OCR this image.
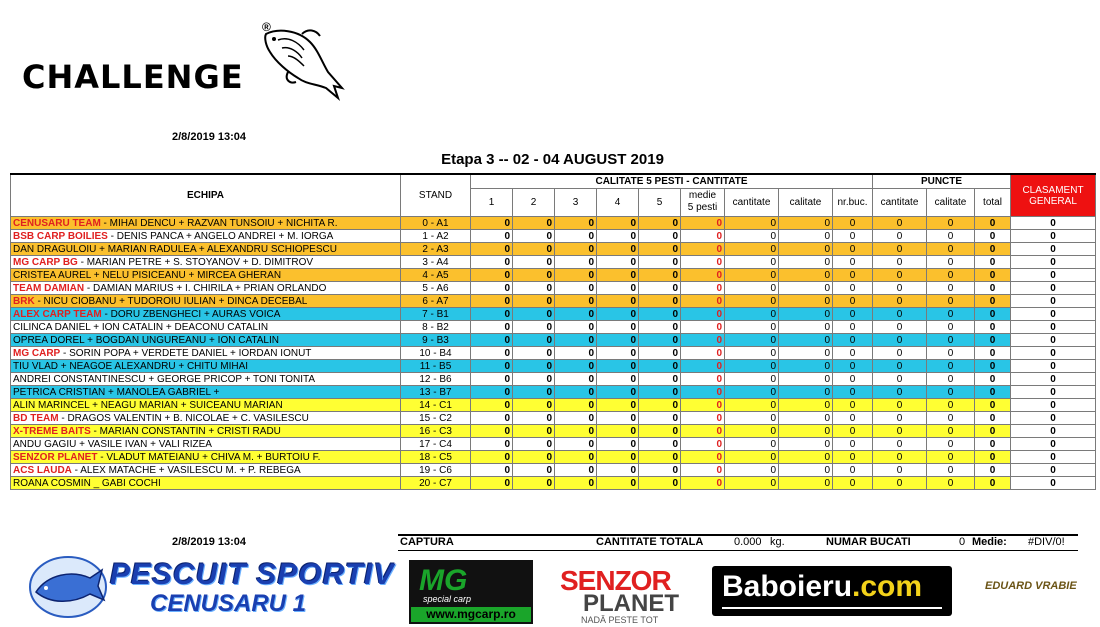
®
CHALLENGE
2/8/2019 13:04
Etapa 3 -- 02 - 04 AUGUST 2019
ECHIPA	STAND	CALITATE 5 PESTI - CANTITATE									PUNCTE			CLASAMENT
GENERAL
		1	2	3	4	5	medie
5 pesti	cantitate	calitate	nr.buc.	cantitate	calitate	total	
CENUSARU TEAM - MIHAI DENCU + RAZVAN TUNSOIU + NICHITA R.	0 - A1	0	0	0	0	0	0	0	0	0	0	0	0	0
BSB CARP BOILIES - DENIS PANCA + ANGELO ANDREI + M. IORGA	1 - A2	0	0	0	0	0	0	0	0	0	0	0	0	0
DAN DRAGULOIU + MARIAN RADULEA + ALEXANDRU SCHIOPESCU	2 - A3	0	0	0	0	0	0	0	0	0	0	0	0	0
MG CARP BG - MARIAN PETRE + S. STOYANOV + D. DIMITROV	3 - A4	0	0	0	0	0	0	0	0	0	0	0	0	0
CRISTEA AUREL + NELU PISICEANU + MIRCEA GHERAN	4 - A5	0	0	0	0	0	0	0	0	0	0	0	0	0
TEAM DAMIAN - DAMIAN MARIUS + I. CHIRILA + PRIAN ORLANDO	5 - A6	0	0	0	0	0	0	0	0	0	0	0	0	0
BRK - NICU CIOBANU + TUDOROIU IULIAN + DINCA DECEBAL	6 - A7	0	0	0	0	0	0	0	0	0	0	0	0	0
ALEX CARP TEAM - DORU ZBENGHECI + AURAS VOICA	7 - B1	0	0	0	0	0	0	0	0	0	0	0	0	0
CILINCA DANIEL + ION CATALIN + DEACONU CATALIN	8 - B2	0	0	0	0	0	0	0	0	0	0	0	0	0
OPREA DOREL + BOGDAN UNGUREANU + ION CATALIN	9 - B3	0	0	0	0	0	0	0	0	0	0	0	0	0
MG CARP - SORIN POPA + VERDETE DANIEL + IORDAN IONUT	10 - B4	0	0	0	0	0	0	0	0	0	0	0	0	0
TIU VLAD + NEAGOE ALEXANDRU + CHITU MIHAI	11 - B5	0	0	0	0	0	0	0	0	0	0	0	0	0
ANDREI CONSTANTINESCU + GEORGE PRICOP + TONI TONITA	12 - B6	0	0	0	0	0	0	0	0	0	0	0	0	0
PETRICA CRISTIAN + MANOLEA GABRIEL +	13 - B7	0	0	0	0	0	0	0	0	0	0	0	0	0
ALIN MARINCEL + NEAGU MARIAN + SUICEANU MARIAN	14 - C1	0	0	0	0	0	0	0	0	0	0	0	0	0
BD TEAM - DRAGOS VALENTIN + B. NICOLAE + C. VASILESCU	15 - C2	0	0	0	0	0	0	0	0	0	0	0	0	0
X-TREME BAITS - MARIAN CONSTANTIN + CRISTI RADU	16 - C3	0	0	0	0	0	0	0	0	0	0	0	0	0
ANDU GAGIU + VASILE IVAN + VALI RIZEA	17 - C4	0	0	0	0	0	0	0	0	0	0	0	0	0
SENZOR PLANET - VLADUT MATEIANU + CHIVA M. + BURTOIU F.	18 - C5	0	0	0	0	0	0	0	0	0	0	0	0	0
ACS LAUDA - ALEX MATACHE + VASILESCU M. + P. REBEGA	19 - C6	0	0	0	0	0	0	0	0	0	0	0	0	0
ROANA COSMIN _ GABI COCHI	20 - C7	0	0	0	0	0	0	0	0	0	0	0	0	0
2/8/2019 13:04	CAPTURA	CANTITATE TOTALA	0.000 kg.	NUMAR BUCATI	0 Medie: #DIV/0!
PESCUIT SPORTIV
CENUSARU 1
MG
special carp
www.mgcarp.ro
SENZOR
PLANET
NADĂ PESTE TOT
Baboieru.com	EDUARD VRABIE
